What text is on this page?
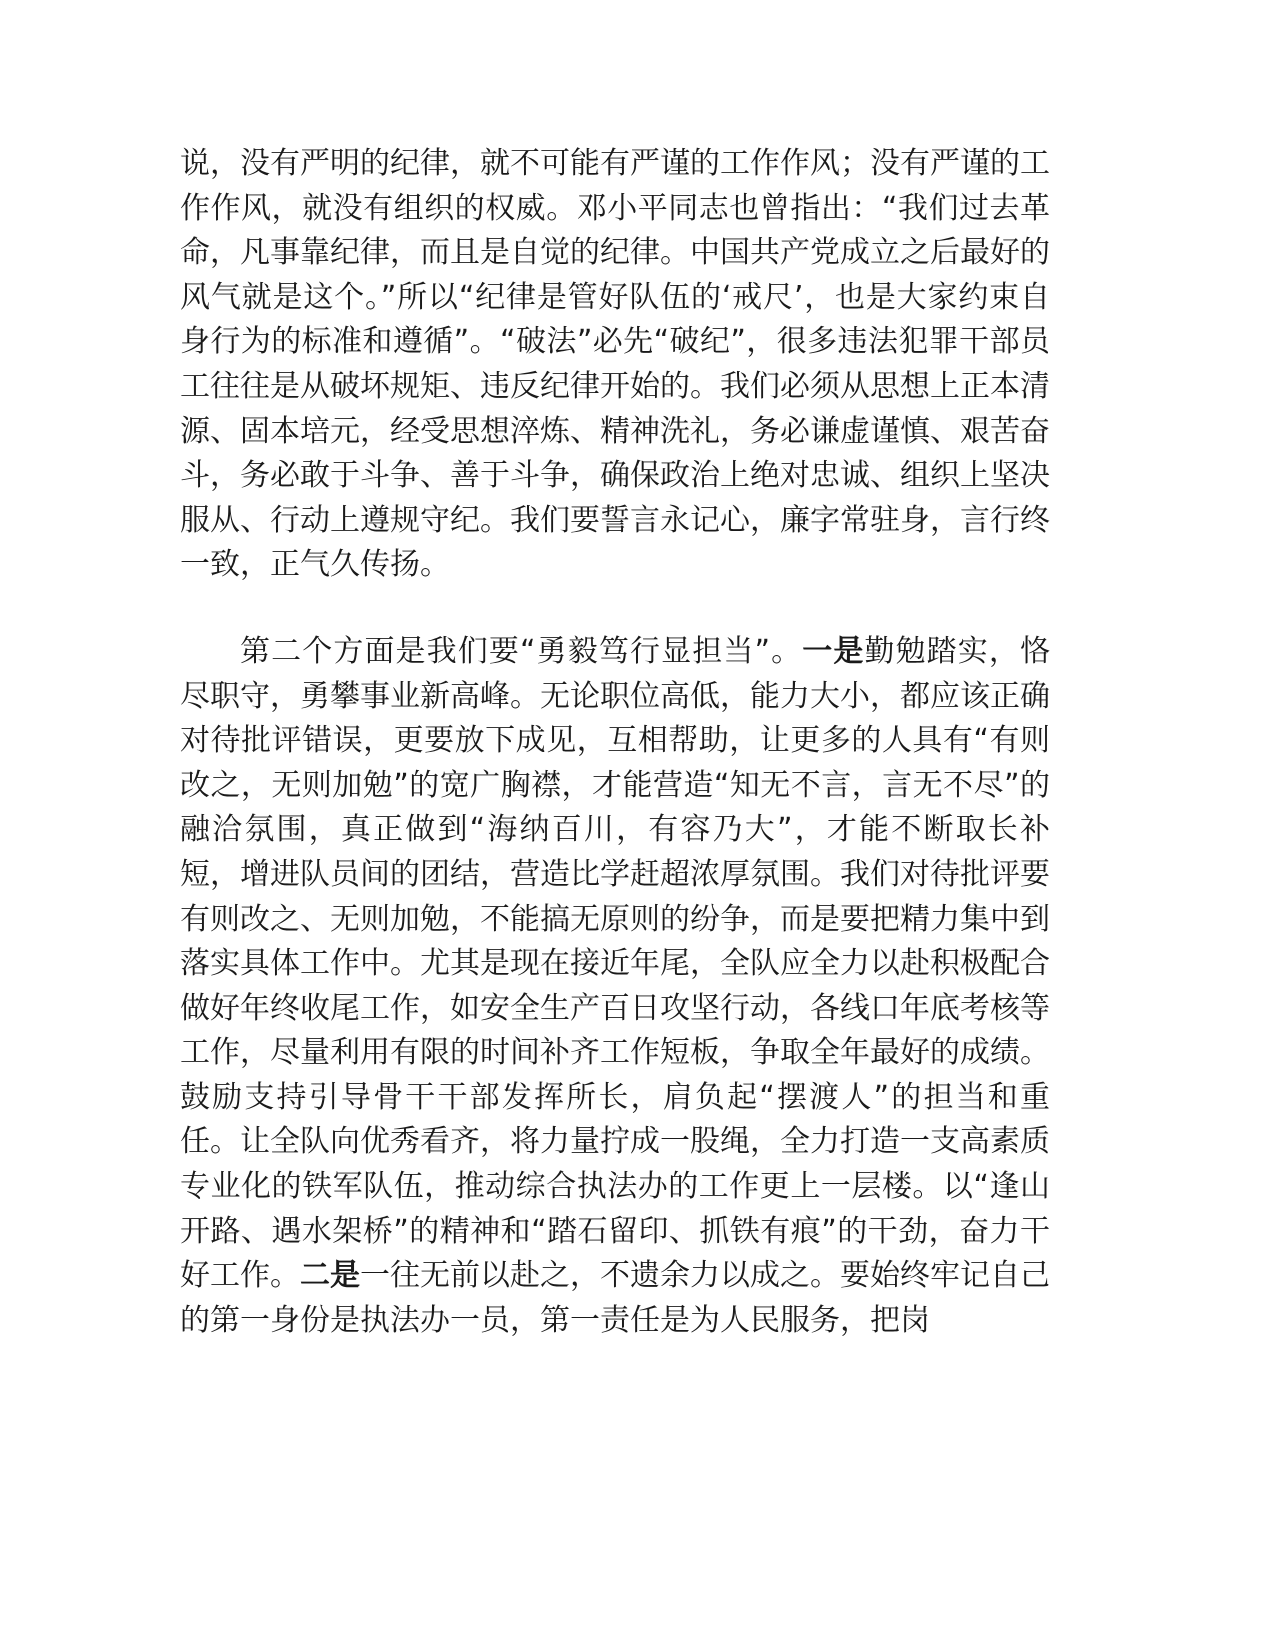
说，没有严明的纪律，就不可能有严谨的工作作风；没有严谨的工作作风，就没有组织的权威。邓小平同志也曾指出：“我们过去革命，凡事靠纪律，而且是自觉的纪律。中国共产党成立之后最好的风气就是这个。”所以“纪律是管好队伍的‘戒尺’，也是大家约束自身行为的标准和遵循”。“破法”必先“破纪”，很多违法犯罪干部员工往往是从破坏规矩、违反纪律开始的。我们必须从思想上正本清源、固本培元，经受思想淬炼、精神洗礼，务必谦虚谨慎、艰苦奋斗，务必敢于斗争、善于斗争，确保政治上绝对忠诚、组织上坚决服从、行动上遵规守纪。我们要誓言永记心，廉字常驻身，言行终一致，正气久传扬。

第二个方面是我们要“勇毅笃行显担当”。一是勤勉踏实，恪尽职守，勇攀事业新高峰。无论职位高低，能力大小，都应该正确对待批评错误，更要放下成见，互相帮助，让更多的人具有“有则改之，无则加勉”的宽广胸襟，才能营造“知无不言，言无不尽”的融洽氛围，真正做到“海纳百川，有容乃大”，才能不断取长补短，增进队员间的团结，营造比学赶超浓厚氛围。我们对待批评要有则改之、无则加勉，不能搞无原则的纷争，而是要把精力集中到落实具体工作中。尤其是现在接近年尾，全队应全力以赴积极配合做好年终收尾工作，如安全生产百日攻坚行动，各线口年底考核等工作，尽量利用有限的时间补齐工作短板，争取全年最好的成绩。鼓励支持引导骨干干部发挥所长，肩负起“摆渡人”的担当和重任。让全队向优秀看齐，将力量拧成一股绳，全力打造一支高素质专业化的铁军队伍，推动综合执法办的工作更上一层楼。以“逢山开路、遇水架桥”的精神和“踏石留印、抓铁有痕”的干劲，奋力干好工作。二是一往无前以赴之，不遗余力以成之。要始终牢记自己的第一身份是执法办一员，第一责任是为人民服务，把岗
